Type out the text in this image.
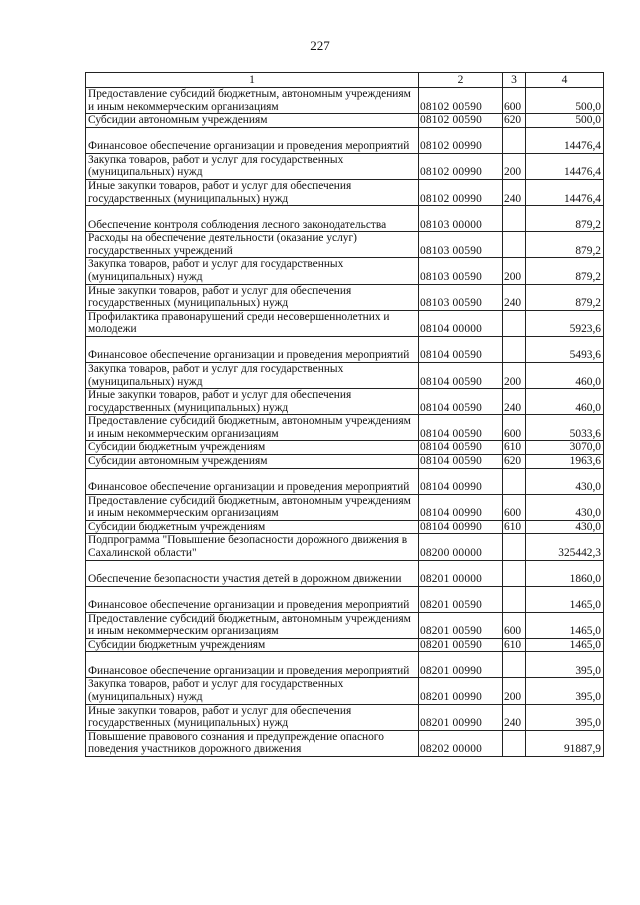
227
1	2	3	4
Предоставление субсидий бюджетным, автономным учреждениям и иным некоммерческим организациям	08102 00590	600	500,0
Субсидии автономным учреждениям	08102 00590	620	500,0
Финансовое обеспечение организации и проведения мероприятий	08102 00990		14476,4
Закупка товаров, работ и услуг для государственных (муниципальных) нужд	08102 00990	200	14476,4
Иные закупки товаров, работ и услуг для обеспечения государственных (муниципальных) нужд	08102 00990	240	14476,4
Обеспечение контроля соблюдения лесного законодательства	08103 00000		879,2
Расходы на обеспечение деятельности (оказание услуг) государственных учреждений	08103 00590		879,2
Закупка товаров, работ и услуг для государственных (муниципальных) нужд	08103 00590	200	879,2
Иные закупки товаров, работ и услуг для обеспечения государственных (муниципальных) нужд	08103 00590	240	879,2
Профилактика правонарушений среди несовершеннолетних и молодежи	08104 00000		5923,6
Финансовое обеспечение организации и проведения мероприятий	08104 00590		5493,6
Закупка товаров, работ и услуг для государственных (муниципальных) нужд	08104 00590	200	460,0
Иные закупки товаров, работ и услуг для обеспечения государственных (муниципальных) нужд	08104 00590	240	460,0
Предоставление субсидий бюджетным, автономным учреждениям и иным некоммерческим организациям	08104 00590	600	5033,6
Субсидии бюджетным учреждениям	08104 00590	610	3070,0
Субсидии автономным учреждениям	08104 00590	620	1963,6
Финансовое обеспечение организации и проведения мероприятий	08104 00990		430,0
Предоставление субсидий бюджетным, автономным учреждениям и иным некоммерческим организациям	08104 00990	600	430,0
Субсидии бюджетным учреждениям	08104 00990	610	430,0
Подпрограмма "Повышение безопасности дорожного движения в Сахалинской области"	08200 00000		325442,3
Обеспечение безопасности участия детей в дорожном движении	08201 00000		1860,0
Финансовое обеспечение организации и проведения мероприятий	08201 00590		1465,0
Предоставление субсидий бюджетным, автономным учреждениям и иным некоммерческим организациям	08201 00590	600	1465,0
Субсидии бюджетным учреждениям	08201 00590	610	1465,0
Финансовое обеспечение организации и проведения мероприятий	08201 00990		395,0
Закупка товаров, работ и услуг для государственных (муниципальных) нужд	08201 00990	200	395,0
Иные закупки товаров, работ и услуг для обеспечения государственных (муниципальных) нужд	08201 00990	240	395,0
Повышение правового сознания и предупреждение опасного поведения участников дорожного движения	08202 00000		91887,9
